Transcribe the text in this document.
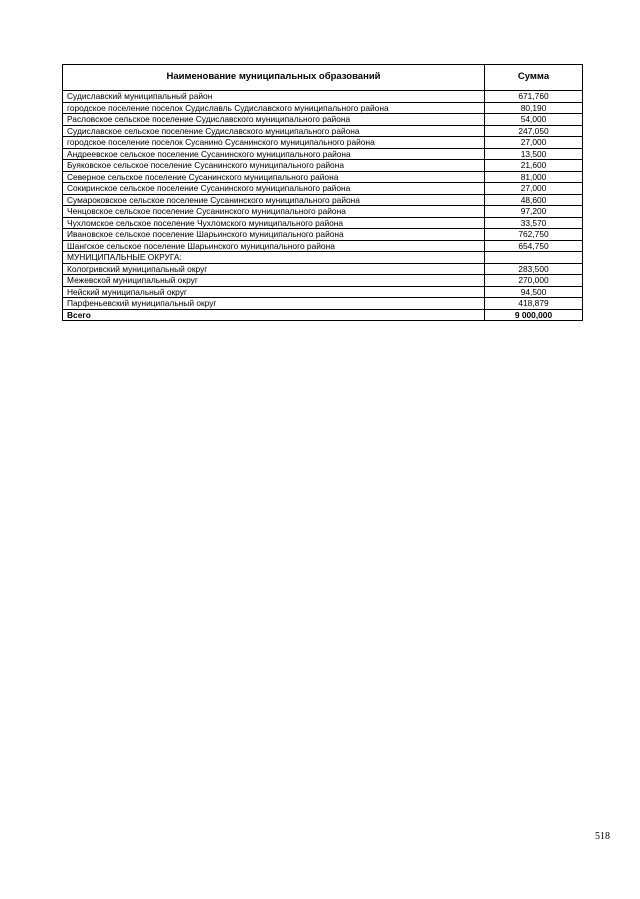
Наименование муниципальных образований	Сумма
Судиславский муниципальный район	671,760
городское поселение поселок Судиславль Судиславского муниципального района	80,190
Расловское сельское поселение Судиславского муниципального района	54,000
Судиславское сельское поселение Судиславского муниципального района	247,050
городское поселение поселок Сусанино Сусанинского муниципального района	27,000
Андреевское сельское поселение Сусанинского муниципального района	13,500
Буяковское сельское поселение Сусанинского муниципального района	21,600
Северное сельское поселение Сусанинского муниципального района	81,000
Сокиринское сельское поселение Сусанинского муниципального района	27,000
Сумароковское сельское поселение Сусанинского муниципального района	48,600
Ченцовское сельское поселение Сусанинского муниципального района	97,200
Чухломское сельское поселение Чухломского муниципального района	33,570
Ивановское сельское поселение Шарьинского муниципального района	762,750
Шангское сельское поселение Шарьинского муниципального района	654,750
МУНИЦИПАЛЬНЫЕ ОКРУГА:	
Кологривский муниципальный округ	283,500
Межевской муниципальный округ	270,000
Нейский муниципальный округ	94,500
Парфеньевский муниципальный округ	418,879
Всего	9 000,000
518
